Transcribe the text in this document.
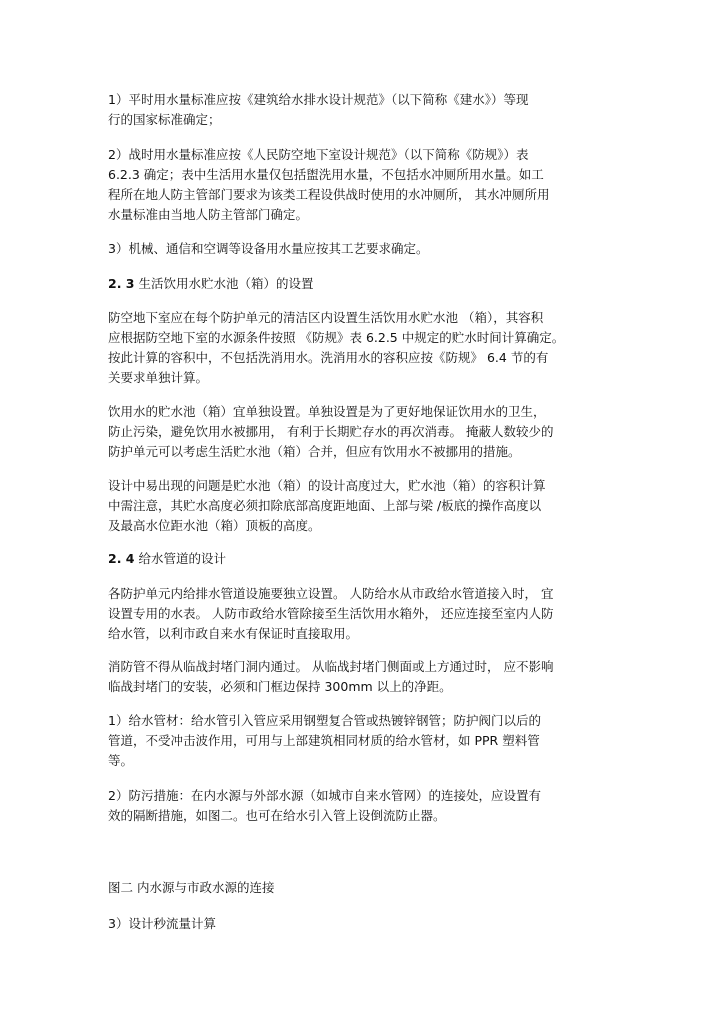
1）平时用水量标准应按《建筑给水排水设计规范》（以下简称《建水》）等现
行的国家标准确定；
2）战时用水量标准应按《人民防空地下室设计规范》（以下简称《防规》）表
6.2.3 确定；表中生活用水量仅包括盥洗用水量，不包括水冲厕所用水量。如工
程所在地人防主管部门要求为该类工程设供战时使用的水冲厕所， 其水冲厕所用
水量标准由当地人防主管部门确定。
3）机械、通信和空调等设备用水量应按其工艺要求确定。
2. 3 生活饮用水贮水池（箱）的设置
防空地下室应在每个防护单元的清洁区内设置生活饮用水贮水池 （箱），其容积
应根据防空地下室的水源条件按照 《防规》表 6.2.5 中规定的贮水时间计算确定。
按此计算的容积中，不包括洗消用水。洗消用水的容积应按《防规》 6.4 节的有
关要求单独计算。
饮用水的贮水池（箱）宜单独设置。单独设置是为了更好地保证饮用水的卫生，
防止污染，避免饮用水被挪用， 有利于长期贮存水的再次消毒。 掩蔽人数较少的
防护单元可以考虑生活贮水池（箱）合并，但应有饮用水不被挪用的措施。
设计中易出现的问题是贮水池（箱）的设计高度过大，贮水池（箱）的容积计算
中需注意，其贮水高度必须扣除底部高度距地面、上部与梁 /板底的操作高度以
及最高水位距水池（箱）顶板的高度。
2. 4 给水管道的设计
各防护单元内给排水管道设施要独立设置。 人防给水从市政给水管道接入时， 宜
设置专用的水表。 人防市政给水管除接至生活饮用水箱外， 还应连接至室内人防
给水管，以利市政自来水有保证时直接取用。
消防管不得从临战封堵门洞内通过。 从临战封堵门侧面或上方通过时， 应不影响
临战封堵门的安装，必须和门框边保持 300mm 以上的净距。
1）给水管材：给水管引入管应采用钢塑复合管或热镀锌钢管；防护阀门以后的
管道，不受冲击波作用，可用与上部建筑相同材质的给水管材，如 PPR 塑料管
等。
2）防污措施：在内水源与外部水源（如城市自来水管网）的连接处，应设置有
效的隔断措施，如图二。也可在给水引入管上设倒流防止器。
图二 内水源与市政水源的连接
3）设计秒流量计算
